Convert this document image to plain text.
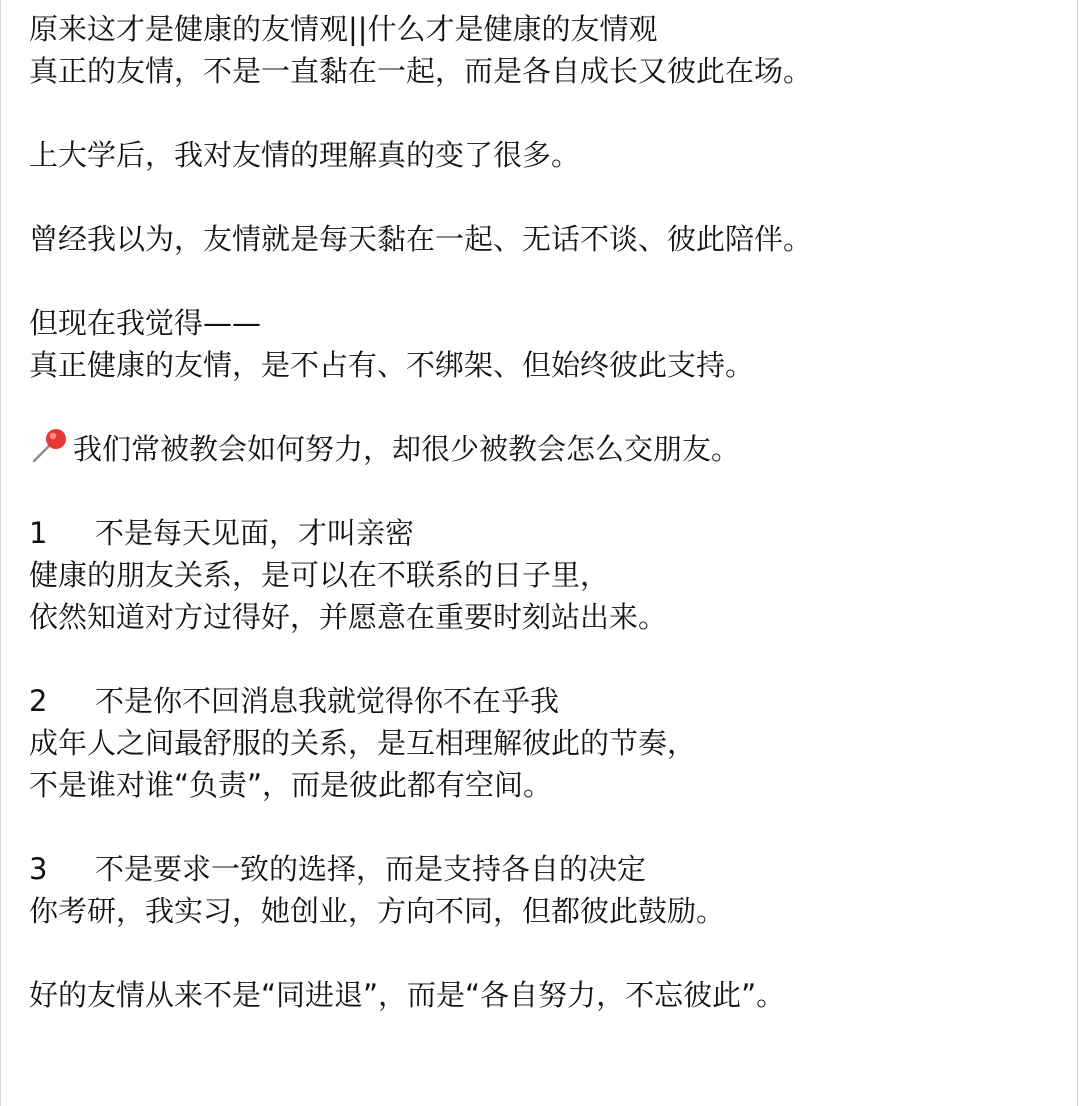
原来这才是健康的友情观||什么才是健康的友情观
真正的友情，不是一直黏在一起，而是各自成长又彼此在场。
上大学后，我对友情的理解真的变了很多。
曾经我以为，友情就是每天黏在一起、无话不谈、彼此陪伴。
但现在我觉得——
真正健康的友情，是不占有、不绑架、但始终彼此支持。
我们常被教会如何努力，却很少被教会怎么交朋友。
1 不是每天见面，才叫亲密
健康的朋友关系，是可以在不联系的日子里，
依然知道对方过得好，并愿意在重要时刻站出来。
2 不是你不回消息我就觉得你不在乎我
成年人之间最舒服的关系，是互相理解彼此的节奏，
不是谁对谁“负责”，而是彼此都有空间。
3 不是要求一致的选择，而是支持各自的决定
你考研，我实习，她创业，方向不同，但都彼此鼓励。
好的友情从来不是“同进退”，而是“各自努力，不忘彼此”。
